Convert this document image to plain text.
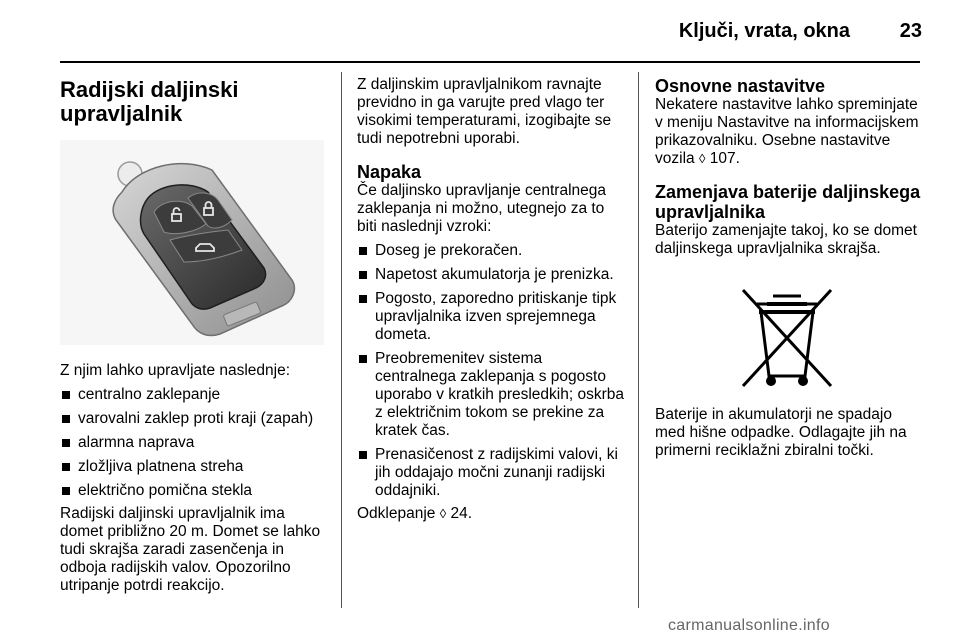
Ključi, vrata, okna	23
Radijski daljinski upravljalnik

Z njim lahko upravljate naslednje:

centralno zaklepanje
varovalni zaklep proti kraji (zapah)
alarmna naprava
zložljiva platnena streha
električno pomična stekla

Radijski daljinski upravljalnik ima domet približno 20 m. Domet se lahko tudi skrajša zaradi zasenčenja in odboja radijskih valov. Opozorilno utripanje potrdi reakcijo.

Z daljinskim upravljalnikom ravnajte previdno in ga varujte pred vlago ter visokimi temperaturami, izogibajte se tudi nepotrebni uporabi.

Napaka

Če daljinsko upravljanje centralnega zaklepanja ni možno, utegnejo za to biti naslednji vzroki:

Doseg je prekoračen.
Napetost akumulatorja je prenizka.
Pogosto, zaporedno pritiskanje tipk upravljalnika izven sprejemnega dometa.
Preobremenitev sistema centralnega zaklepanja s pogosto uporabo v kratkih presledkih; oskrba z električnim tokom se prekine za kratek čas.
Prenasičenost z radijskimi valovi, ki jih oddajajo močni zunanji radijski oddajniki.

Odklepanje ◊ 24.

Osnovne nastavitve

Nekatere nastavitve lahko spreminjate v meniju Nastavitve na informacijskem prikazovalniku. Osebne nastavitve vozila ◊ 107.

Zamenjava baterije daljinskega upravljalnika

Baterijo zamenjajte takoj, ko se domet daljinskega upravljalnika skrajša.

Baterije in akumulatorji ne spadajo med hišne odpadke. Odlagajte jih na primerni reciklažni zbiralni točki.

carmanualsonline.info
